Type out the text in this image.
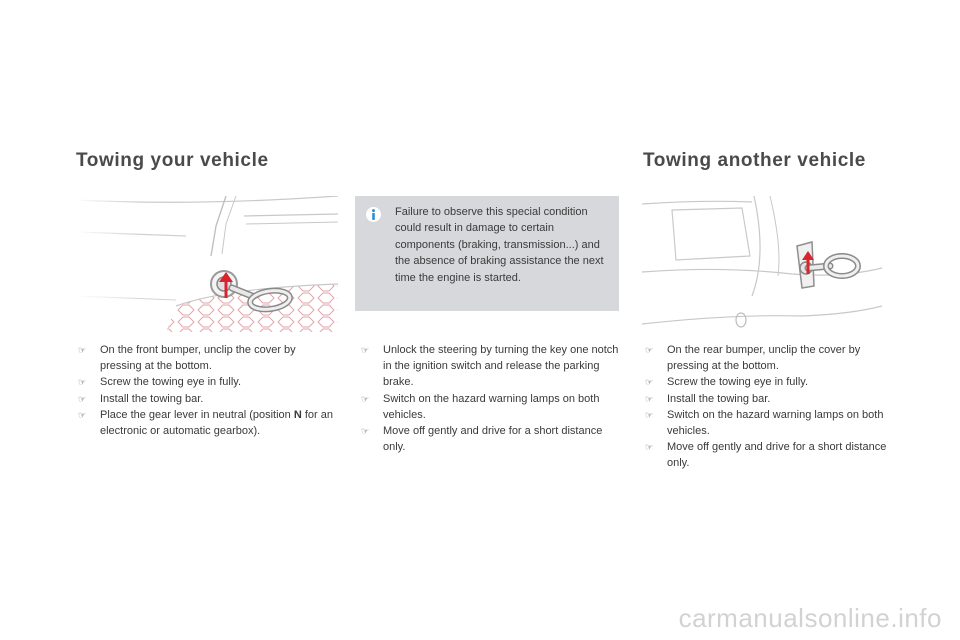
Towing your vehicle	Towing another vehicle
Failure to observe this special condition could result in damage to certain components (braking, transmission...) and the absence of braking assistance the next time the engine is started.
☞ On the front bumper, unclip the cover by pressing at the bottom.
☞ Screw the towing eye in fully.
☞ Install the towing bar.
☞ Place the gear lever in neutral (position N for an electronic or automatic gearbox).
☞ Unlock the steering by turning the key one notch in the ignition switch and release the parking brake.
☞ Switch on the hazard warning lamps on both vehicles.
☞ Move off gently and drive for a short distance only.
☞ On the rear bumper, unclip the cover by pressing at the bottom.
☞ Screw the towing eye in fully.
☞ Install the towing bar.
☞ Switch on the hazard warning lamps on both vehicles.
☞ Move off gently and drive for a short distance only.
carmanualsonline.info
